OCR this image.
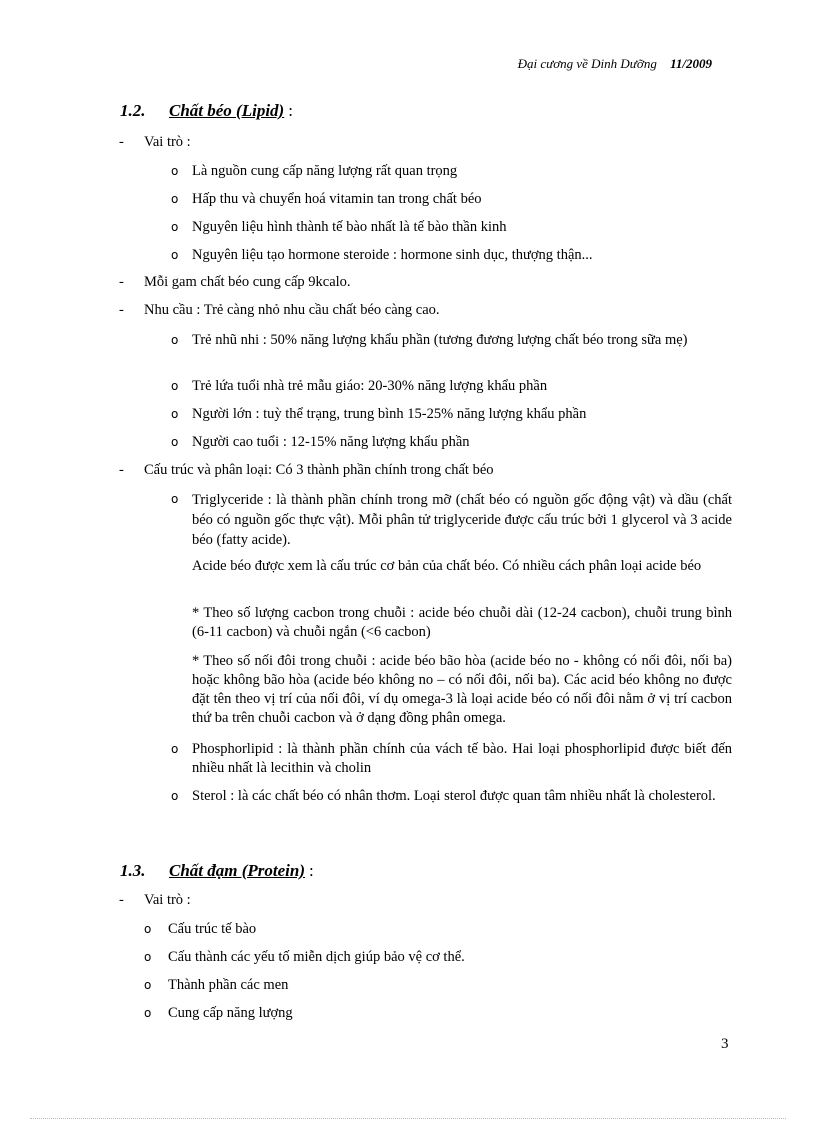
Đại cương về Dinh Dưỡng 11/2009
1.2. Chất béo (Lipid) :
- Vai trò :
o Là nguồn cung cấp năng lượng rất quan trọng
o Hấp thu và chuyển hoá vitamin tan trong chất béo
o Nguyên liệu hình thành tế bào nhất là tế bào thần kinh
o Nguyên liệu tạo hormone steroide : hormone sinh dục, thượng thận...
- Mỗi gam chất béo cung cấp 9kcalo.
- Nhu cầu : Trẻ càng nhỏ nhu cầu chất béo càng cao.
o Trẻ nhũ nhi : 50% năng lượng khẩu phần (tương đương lượng chất béo trong sữa mẹ)
o Trẻ lứa tuổi nhà trẻ mẫu giáo: 20-30% năng lượng khẩu phần
o Người lớn : tuỳ thể trạng, trung bình 15-25% năng lượng khẩu phần
o Người cao tuổi : 12-15% năng lượng khẩu phần
- Cấu trúc và phân loại: Có 3 thành phần chính trong chất béo
o Triglyceride : là thành phần chính trong mỡ (chất béo có nguồn gốc động vật) và dầu (chất béo có nguồn gốc thực vật). Mỗi phân tử triglyceride được cấu trúc bởi 1 glycerol và 3 acide béo (fatty acide).
Acide béo được xem là cấu trúc cơ bản của chất béo. Có nhiều cách phân loại acide béo
* Theo số lượng cacbon trong chuỗi : acide béo chuỗi dài (12-24 cacbon), chuỗi trung bình (6-11 cacbon) và chuỗi ngắn (<6 cacbon)
* Theo số nối đôi trong chuỗi : acide béo bão hòa (acide béo no - không có nối đôi, nối ba) hoặc không bão hòa (acide béo không no – có nối đôi, nối ba). Các acid béo không no được đặt tên theo vị trí của nối đôi, ví dụ omega-3 là loại acide béo có nối đôi nằm ở vị trí cacbon thứ ba trên chuỗi cacbon và ở dạng đồng phân omega.
o Phosphorlipid : là thành phần chính của vách tế bào. Hai loại phosphorlipid được biết đến nhiều nhất là lecithin và cholin
o Sterol : là các chất béo có nhân thơm. Loại sterol được quan tâm nhiều nhất là cholesterol.
1.3. Chất đạm (Protein) :
- Vai trò :
o Cấu trúc tế bào
o Cấu thành các yếu tố miễn dịch giúp bảo vệ cơ thể.
o Thành phần các men
o Cung cấp năng lượng
3
